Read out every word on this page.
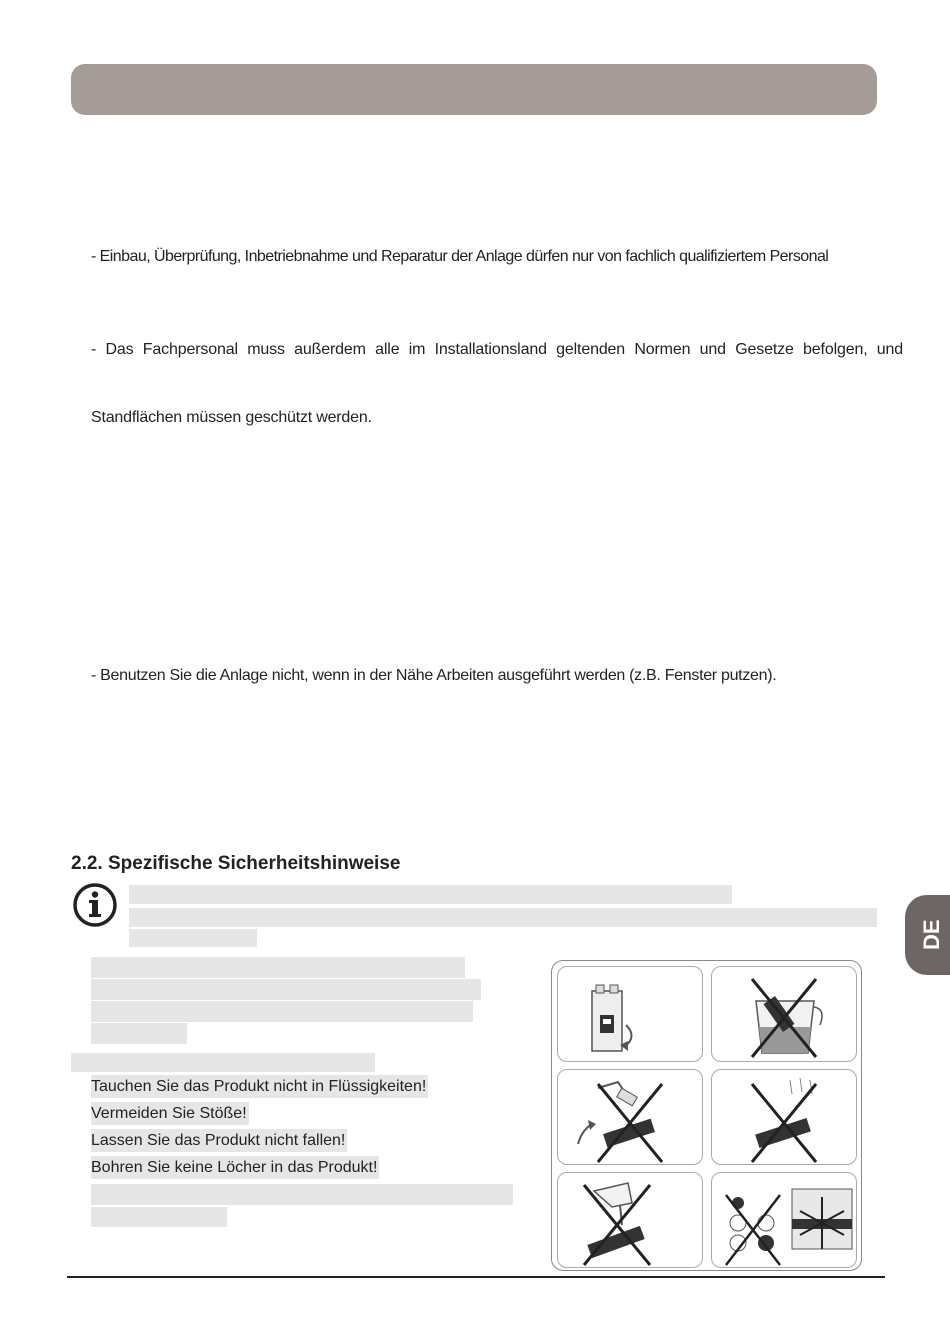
- Einbau, Überprüfung, Inbetriebnahme und Reparatur der Anlage dürfen nur von fachlich qualifiziertem Personal
- Das Fachpersonal muss außerdem alle im Installationsland geltenden Normen und Gesetze befolgen, und
Standflächen müssen geschützt werden.
- Benutzen Sie die Anlage nicht, wenn in der Nähe Arbeiten ausgeführt werden (z.B. Fenster putzen).
2.2. Spezifische Sicherheitshinweise
Tauchen Sie das Produkt nicht in Flüssigkeiten!
Vermeiden Sie Stöße!
Lassen Sie das Produkt nicht fallen!
Bohren Sie keine Löcher in das Produkt!
DE
